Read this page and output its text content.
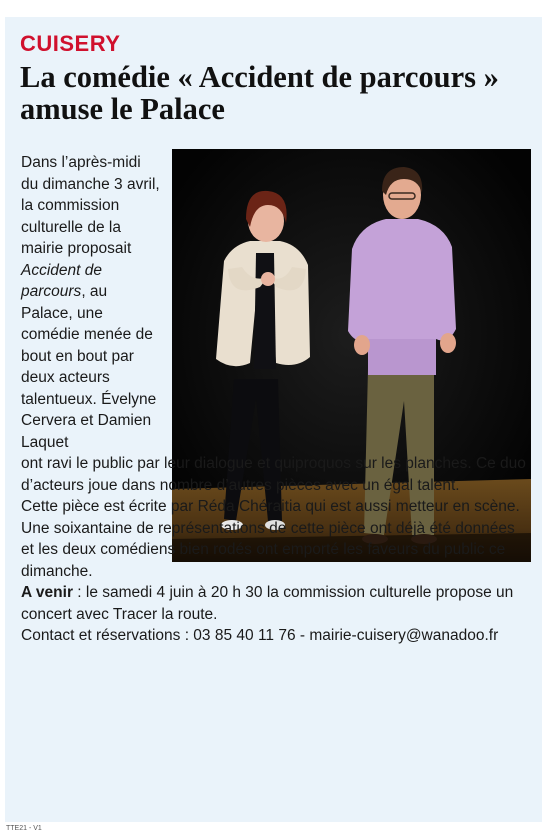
CUISERY
La comédie « Accident de parcours » amuse le Palace

Dans l’après-midi du dimanche 3 avril, la commission culturelle de la mairie proposait Accident de parcours, au Palace, une comédie menée de bout en bout par deux acteurs talentueux. Évelyne Cervera et Damien Laquet
ont ravi le public par leur dialogue et quiproquos sur les planches. Ce duo d’acteurs joue dans nombre d’autres pièces avec un égal talent.

Cette pièce est écrite par Réda Chéraitia qui est aussi metteur en scène. Une soixantaine de représentations de cette pièce ont déjà été données et les deux comédiens bien rodés ont emporté les faveurs du public ce dimanche.

A venir : le samedi 4 juin à 20 h 30 la commission culturelle propose un concert avec Tracer la route.

Contact et réservations : 03 85 40 11 76 - mairie-cuisery@wanadoo.fr

TTE21 - V1
